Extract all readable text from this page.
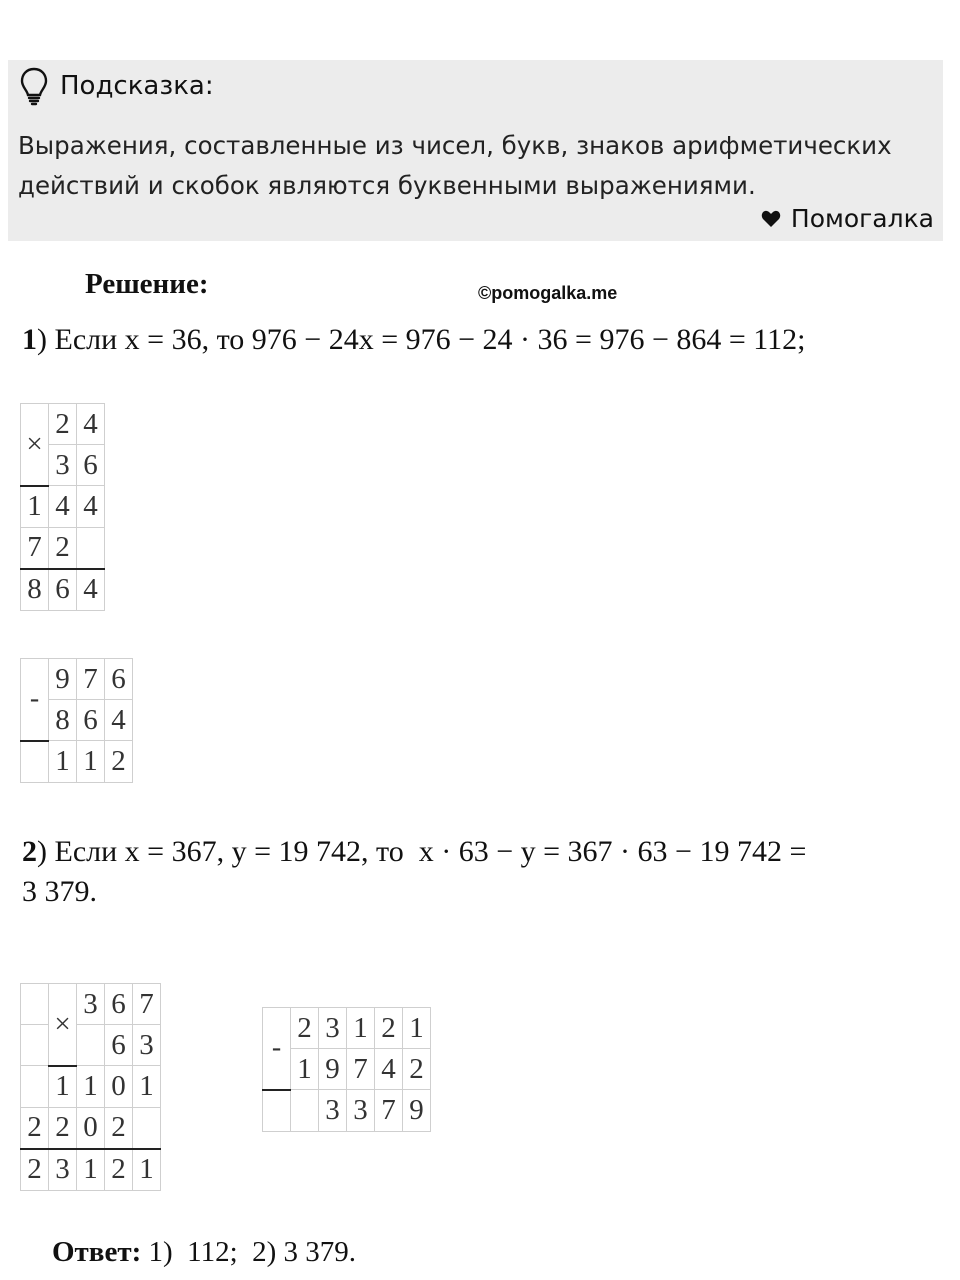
Подсказка:
Выражения, составленные из чисел, букв, знаков арифметических действий и скобок являются буквенными выражениями.
Помогалка
Решение:	©pomogalka.me
1) Если x = 36, то 976 − 24x = 976 − 24 · 36 = 976 − 864 = 112;
×	2	4
	3	6
1	4	4
7	2	
8	6	4
-	9	7	6
	8	6	4
	1	1	2
2) Если x = 367, y = 19 742, то  x · 63 − y = 367 · 63 − 19 742 =
3 379.
	×	3	6	7
			6	3
	1	1	0	1
2	2	0	2	
2	3	1	2	1
-	2	3	1	2	1
	1	9	7	4	2
		3	3	7	9
Ответ: 1)  112;  2) 3 379.
